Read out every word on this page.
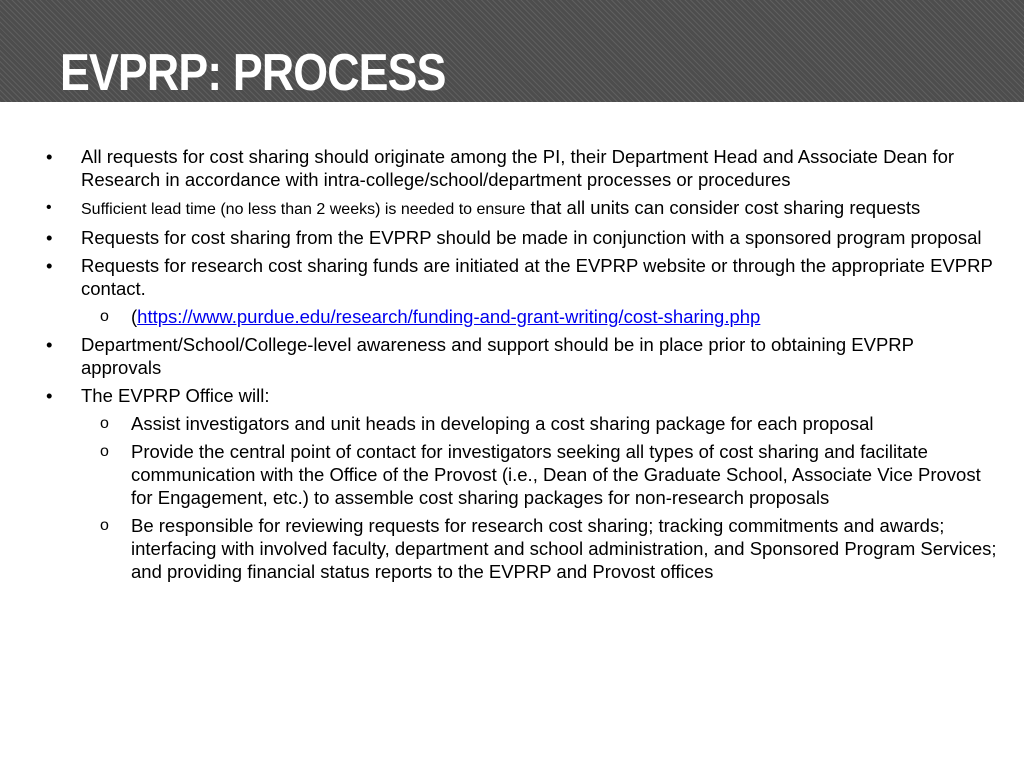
EVPRP: PROCESS
• All requests for cost sharing should originate among the PI, their Department Head and Associate Dean for Research in accordance with intra-college/school/department processes or procedures
• Sufficient lead time (no less than 2 weeks) is needed to ensure that all units can consider cost sharing requests
• Requests for cost sharing from the EVPRP should be made in conjunction with a sponsored program proposal
• Requests for research cost sharing funds are initiated at the EVPRP website or through the appropriate EVPRP contact.
o (https://www.purdue.edu/research/funding-and-grant-writing/cost-sharing.php
• Department/School/College-level awareness and support should be in place prior to obtaining EVPRP approvals
• The EVPRP Office will:
o Assist investigators and unit heads in developing a cost sharing package for each proposal
o Provide the central point of contact for investigators seeking all types of cost sharing and facilitate communication with the Office of the Provost (i.e., Dean of the Graduate School, Associate Vice Provost for Engagement, etc.) to assemble cost sharing packages for non-research proposals
o Be responsible for reviewing requests for research cost sharing; tracking commitments and awards; interfacing with involved faculty, department and school administration, and Sponsored Program Services; and providing financial status reports to the EVPRP and Provost offices
